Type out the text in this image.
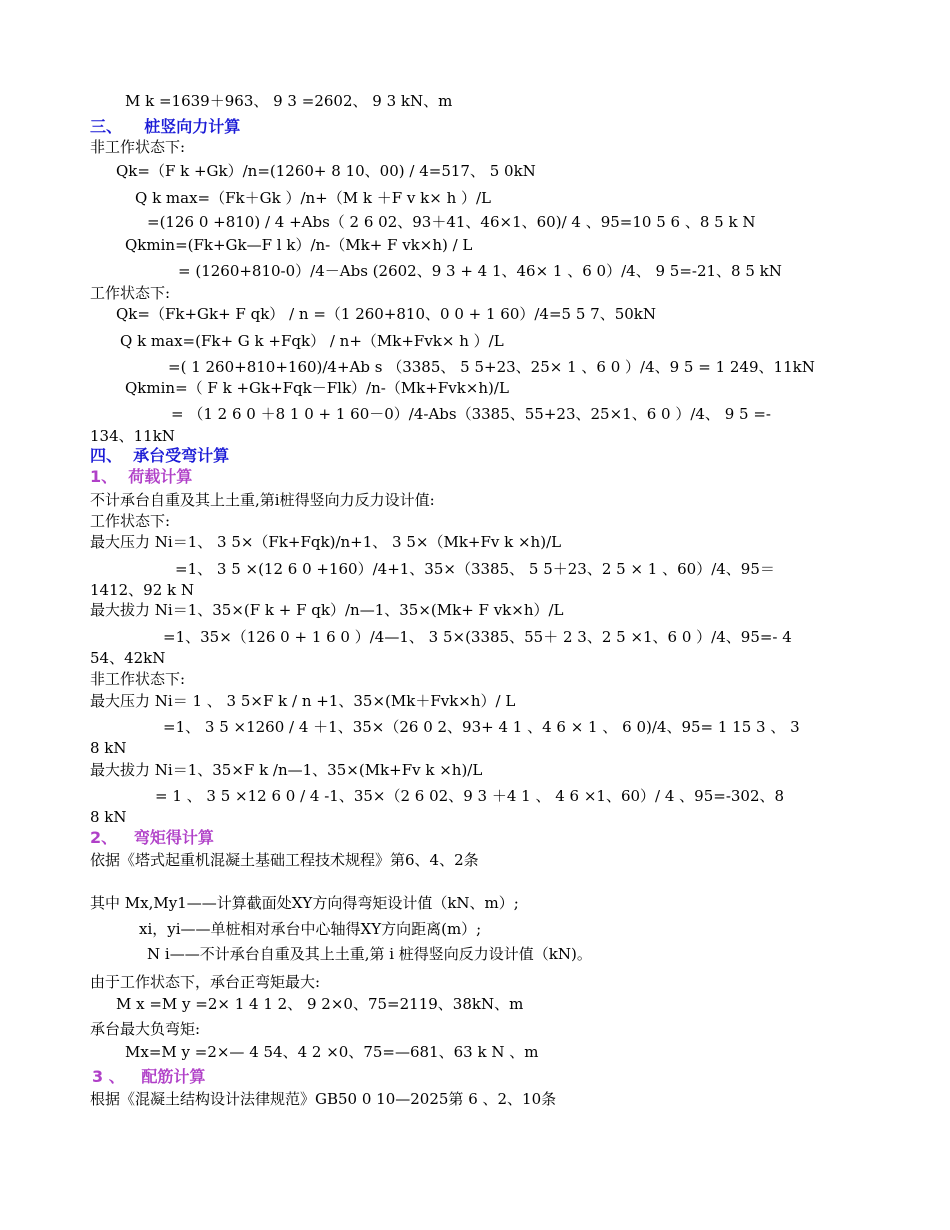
M k =1639＋963、 9 3 =2602、 9 3 kN、m
三、    桩竖向力计算
非工作状态下:
Qk=（F k +Gk）/n=(1260+ 8 10、00) / 4=517、 5 0kN
Q k max=（Fk＋Gk ）/n+（M k ＋F v k× h ）/L
=(126 0 +810) / 4 +Abs（ 2 6 02、93＋41、46×1、60)/ 4 、95=10 5 6 、8 5 k N
Qkmin=(Fk+Gk—F l k）/n-（Mk+ F vk×h) / L
= (1260+810-0）/4－Abs (2602、9 3 + 4 1、46× 1 、6 0）/4、 9 5=-21、8 5 kN
工作状态下:
Qk=（Fk+Gk+ F qk） / n =（1 260+810、0 0 + 1 60）/4=5 5 7、50kN
Q k max=(Fk+ G k +Fqk） / n+（Mk+Fvk× h ）/L
=( 1 260+810+160)/4+Ab s （3385、 5 5+23、25× 1 、6 0 ）/4、9 5 = 1 249、11kN
Qkmin=（ F k +Gk+Fqk－Flk）/n-（Mk+Fvk×h)/L
= （1 2 6 0 ＋8 1 0 + 1 60－0）/4-Abs（3385、55+23、25×1、6 0 ）/4、 9 5 =-
134、11kN
四、  承台受弯计算
1、  荷载计算
不计承台自重及其上土重,第i桩得竖向力反力设计值:
工作状态下:
最大压力 Ni＝1、 3 5×（Fk+Fqk)/n+1、 3 5×（Mk+Fv k ×h)/L
=1、 3 5 ×(12 6 0 +160）/4+1、35×（3385、 5 5＋23、2 5 × 1 、60）/4、95＝
1412、92 k N
最大拔力 Ni＝1、35×(F k + F qk）/n—1、35×(Mk+ F vk×h）/L
=1、35×（126 0 + 1 6 0 ）/4—1、 3 5×(3385、55＋ 2 3、2 5 ×1、6 0 ）/4、95=- 4
54、42kN
非工作状态下:
最大压力 Ni＝ 1 、 3 5×F k / n +1、35×(Mk＋Fvk×h）/ L
=1、 3 5 ×1260 / 4 ＋1、35×（26 0 2、93+ 4 1 、4 6 × 1 、 6 0)/4、95= 1 15 3 、 3
8 kN
最大拔力 Ni＝1、35×F k /n—1、35×(Mk+Fv k ×h)/L
= 1 、 3 5 ×12 6 0 / 4 -1、35×（2 6 02、9 3 ＋4 1 、 4 6 ×1、60）/ 4 、95=-302、8
8 kN
2、   弯矩得计算
依据《塔式起重机混凝土基础工程技术规程》第6、4、2条
其中 Mx,My1——计算截面处XY方向得弯矩设计值（kN、m）;
xi，yi——单桩相对承台中心轴得XY方向距离(m）;
N i——不计承台自重及其上土重,第 i 桩得竖向反力设计值（kN)。
由于工作状态下，承台正弯矩最大:
M x =M y =2× 1 4 1 2、 9 2×0、75=2119、38kN、m
承台最大负弯矩:
Mx=M y =2×— 4 54、4 2 ×0、75=—681、63 k N 、m
3 、   配筋计算
根据《混凝土结构设计法律规范》GB50 0 10—2025第 6 、2、10条
